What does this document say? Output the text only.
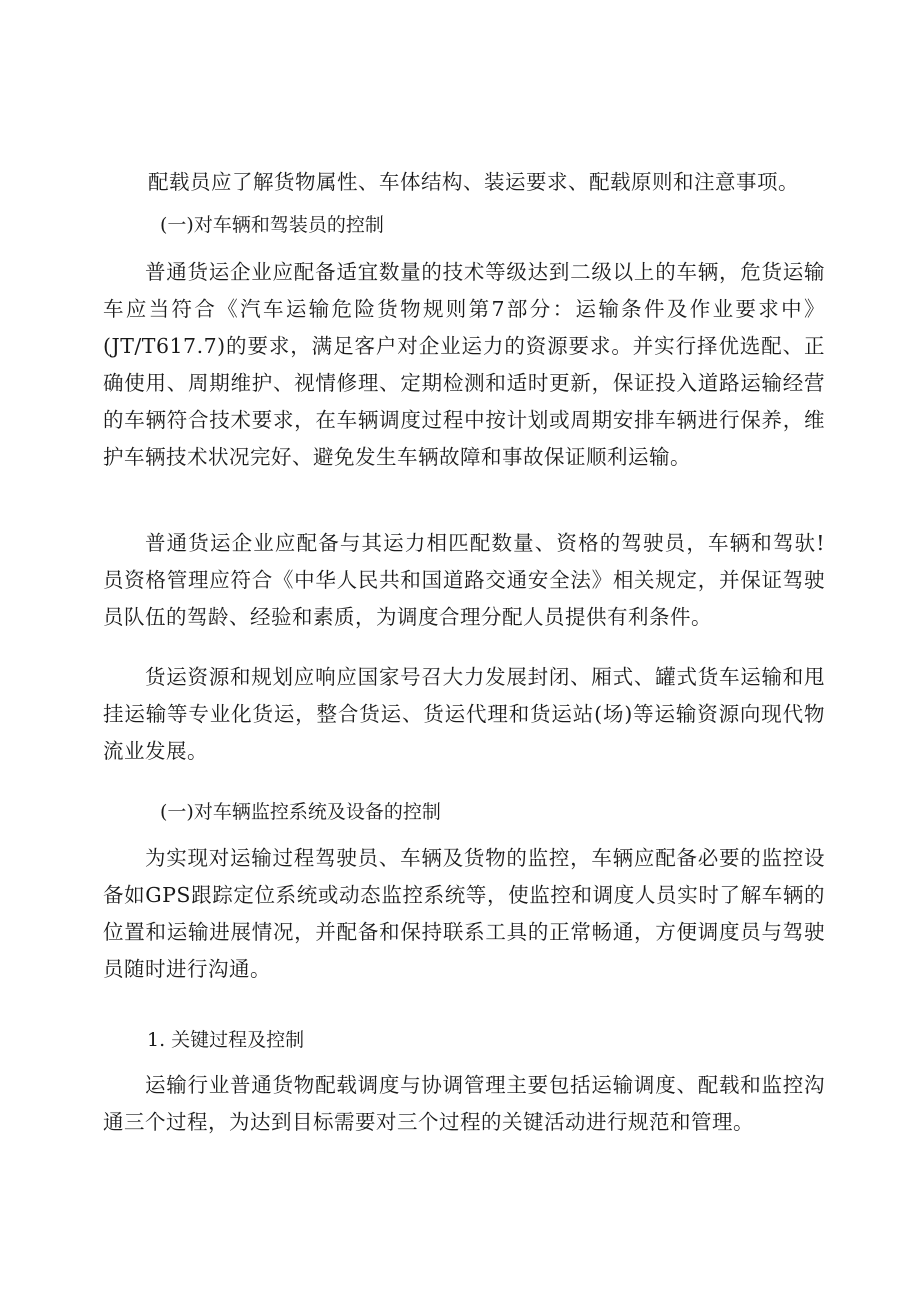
配载员应了解货物属性、车体结构、装运要求、配载原则和注意事项。

(一)对车辆和驾装员的控制

普通货运企业应配备适宜数量的技术等级达到二级以上的车辆，危货运输车应当符合《汽车运输危险货物规则第7部分：运输条件及作业要求中》(JT/T617.7)的要求，满足客户对企业运力的资源要求。并实行择优选配、正确使用、周期维护、视情修理、定期检测和适时更新，保证投入道路运输经营的车辆符合技术要求，在车辆调度过程中按计划或周期安排车辆进行保养，维护车辆技术状况完好、避免发生车辆故障和事故保证顺利运输。

普通货运企业应配备与其运力相匹配数量、资格的驾驶员，车辆和驾驮!员资格管理应符合《中华人民共和国道路交通安全法》相关规定，并保证驾驶员队伍的驾龄、经验和素质，为调度合理分配人员提供有利条件。

货运资源和规划应响应国家号召大力发展封闭、厢式、罐式货车运输和甩挂运输等专业化货运，整合货运、货运代理和货运站(场)等运输资源向现代物流业发展。

(一)对车辆监控系统及设备的控制

为实现对运输过程驾驶员、车辆及货物的监控，车辆应配备必要的监控设备如GPS跟踪定位系统或动态监控系统等，使监控和调度人员实时了解车辆的位置和运输进展情况，并配备和保持联系工具的正常畅通，方便调度员与驾驶员随时进行沟通。

1. 关键过程及控制

运输行业普通货物配载调度与协调管理主要包括运输调度、配载和监控沟通三个过程，为达到目标需要对三个过程的关键活动进行规范和管理。
